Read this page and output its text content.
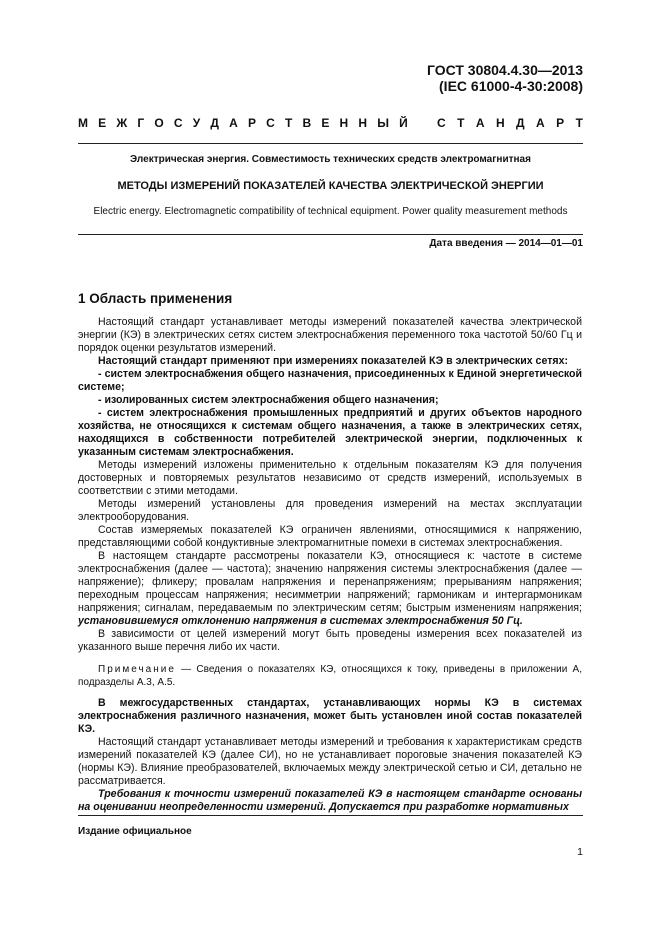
ГОСТ 30804.4.30—2013
(IEC 61000-4-30:2008)
М Е Ж Г О С У Д А Р С Т В Е Н Н Ы Й С Т А Н Д А Р Т
Электрическая энергия. Совместимость технических средств электромагнитная
МЕТОДЫ ИЗМЕРЕНИЙ ПОКАЗАТЕЛЕЙ КАЧЕСТВА ЭЛЕКТРИЧЕСКОЙ ЭНЕРГИИ
Electric energy. Electromagnetic compatibility of technical equipment. Power quality measurement methods
Дата введения — 2014—01—01
1 Область применения

Настоящий стандарт устанавливает методы измерений показателей качества электрической энергии (КЭ) в электрических сетях систем электроснабжения переменного тока частотой 50/60 Гц и порядок оценки результатов измерений.

Настоящий стандарт применяют при измерениях показателей КЭ в электрических сетях:

- систем электроснабжения общего назначения, присоединенных к Единой энергетической системе;

- изолированных систем электроснабжения общего назначения;

- систем электроснабжения промышленных предприятий и других объектов народного хозяйства, не относящихся к системам общего назначения, а также в электрических сетях, находящихся в собственности потребителей электрической энергии, подключенных к указанным системам электроснабжения.

Методы измерений изложены применительно к отдельным показателям КЭ для получения достоверных и повторяемых результатов независимо от средств измерений, используемых в соответствии с этими методами.

Методы измерений установлены для проведения измерений на местах эксплуатации электрооборудования.

Состав измеряемых показателей КЭ ограничен явлениями, относящимися к напряжению, представляющими собой кондуктивные электромагнитные помехи в системах электроснабжения.

В настоящем стандарте рассмотрены показатели КЭ, относящиеся к: частоте в системе электроснабжения (далее — частота); значению напряжения системы электроснабжения (далее — напряжение); фликеру; провалам напряжения и перенапряжениям; прерываниям напряжения; переходным процессам напряжения; несимметрии напряжений; гармоникам и интергармоникам напряжения; сигналам, передаваемым по электрическим сетям; быстрым изменениям напряжения; установившемуся отклонению напряжения в системах электроснабжения 50 Гц.

В зависимости от целей измерений могут быть проведены измерения всех показателей из указанного выше перечня либо их части.

Примечание — Сведения о показателях КЭ, относящихся к току, приведены в приложении А, подразделы А.3, А.5.

В межгосударственных стандартах, устанавливающих нормы КЭ в системах электроснабжения различного назначения, может быть установлен иной состав показателей КЭ.

Настоящий стандарт устанавливает методы измерений и требования к характеристикам средств измерений показателей КЭ (далее СИ), но не устанавливает пороговые значения показателей КЭ (нормы КЭ). Влияние преобразователей, включаемых между электрической сетью и СИ, детально не рассматривается.

Требования к точности измерений показателей КЭ в настоящем стандарте основаны на оценивании неопределенности измерений. Допускается при разработке нормативных

Издание официальное
1
